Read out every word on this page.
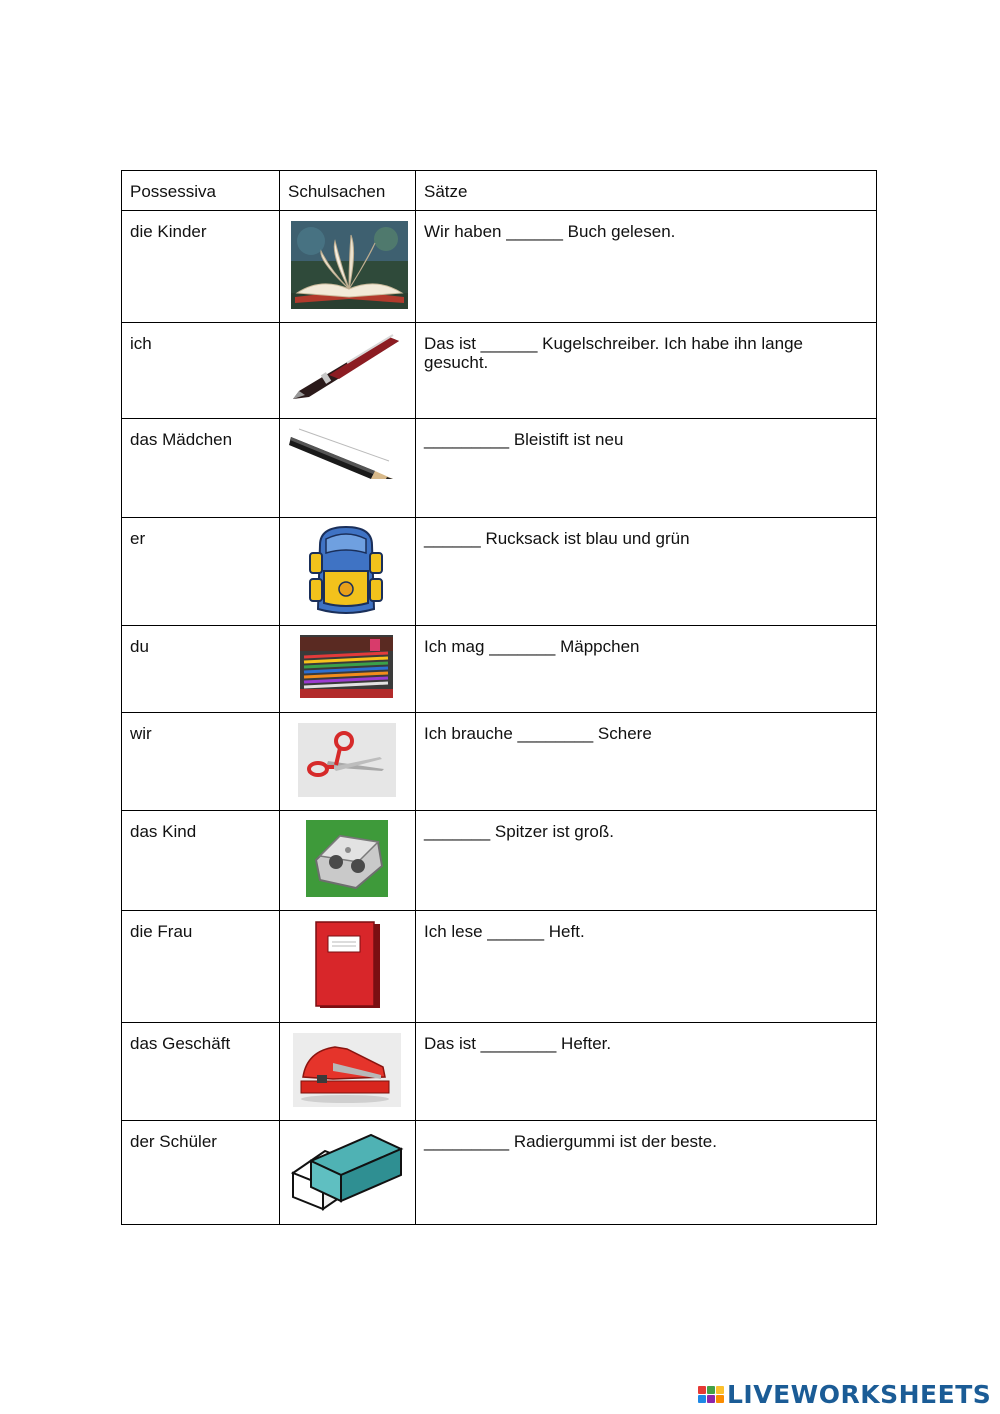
Possessiva	Schulsachen	Sätze
die Kinder	Wir haben ______ Buch gelesen.
ich	Das ist ______ Kugelschreiber. Ich habe ihn lange gesucht.
das Mädchen	_________ Bleistift ist neu
er	______ Rucksack ist blau und grün
du	Ich mag _______ Mäppchen
wir	Ich brauche ________ Schere
das Kind	_______ Spitzer ist groß.
die Frau	Ich lese ______ Heft.
das Geschäft	Das ist ________ Hefter.
der Schüler	_________ Radiergummi ist der beste.
LIVEWORKSHEETS
